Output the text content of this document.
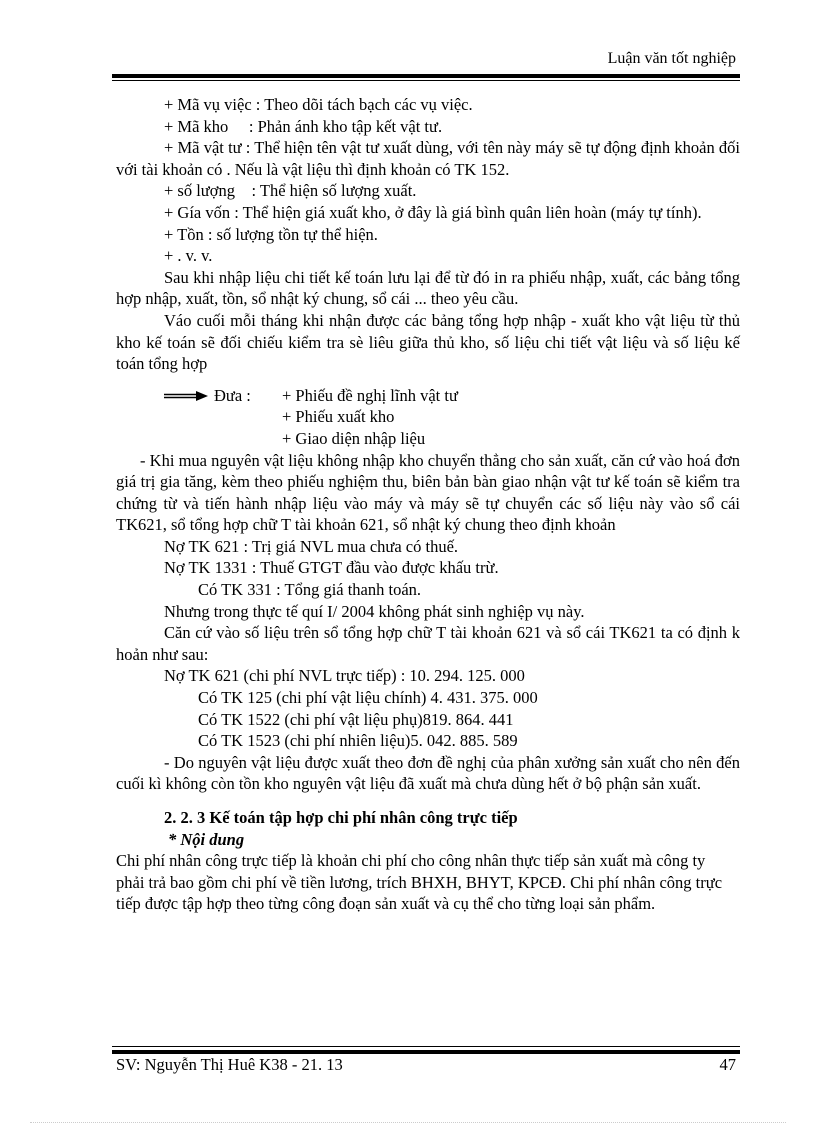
Luận văn tốt nghiệp

+ Mã vụ việc : Theo dõi tách bạch các vụ việc.

+ Mã kho     : Phản ánh kho tập kết vật tư.

+ Mã vật tư : Thể hiện tên vật tư xuất dùng, với tên này máy sẽ tự động định khoản đối với tài khoản có . Nếu là vật liệu thì định khoản có TK 152.

+ số lượng    : Thể hiện số lượng xuất.

+ Gía vốn : Thể hiện giá xuất kho, ở đây là giá bình quân liên hoàn (máy tự tính).

+ Tồn : số lượng tồn tự thể hiện.

+ . v. v.

Sau khi nhập liệu chi tiết kế toán lưu lại để từ đó in ra phiếu nhập, xuất, các bảng tổng hợp nhập, xuất, tồn, sổ nhật ký chung, sổ cái ... theo yêu cầu.

Váo cuối mỗi tháng khi nhận được các bảng tổng hợp nhập - xuất kho vật liệu từ thủ kho kế toán sẽ đối chiếu kiểm tra sè liêu giữa thủ kho, số liệu chi tiết vật liệu và số liệu kế toán tổng hợp

Đưa :	+ Phiếu đề nghị lĩnh vật tư

+ Phiếu xuất kho

+ Giao diện nhập liệu

- Khi mua nguyên vật liệu không nhập kho chuyển thẳng cho sản xuất, căn cứ vào hoá đơn giá trị gia tăng, kèm theo phiếu nghiệm thu, biên bản bàn giao nhận vật tư kế toán sẽ kiểm tra chứng từ và tiến hành nhập liệu vào máy và máy sẽ tự chuyển các số liệu này vào sổ cái TK621, sổ tổng hợp chữ T tài khoản 621, sổ nhật ký chung theo định khoản

Nợ TK 621 : Trị giá NVL mua chưa có thuế.

Nợ TK 1331 : Thuế GTGT đầu vào được khấu trừ.

Có TK 331 : Tổng giá thanh toán.

Nhưng trong thực tế quí I/ 2004 không phát sinh nghiệp vụ này.

Căn cứ vào số liệu trên sổ tổng hợp chữ T tài khoản 621 và sổ cái TK621 ta có định k hoản như sau:

Nợ TK 621 (chi phí NVL trực tiếp) : 10. 294. 125. 000

Có TK 125 (chi phí vật liệu chính) 4. 431. 375. 000

Có TK 1522 (chi phí vật liệu phụ)819. 864. 441

Có TK 1523 (chi phí nhiên liệu)5. 042. 885. 589

- Do nguyên vật liệu được xuất theo đơn đề nghị của phân xưởng sản xuất cho nên đến cuối kì không còn tồn kho nguyên vật liệu đã xuất mà chưa dùng hết ở bộ phận sản xuất.

2. 2. 3 Kế toán tập hợp chi phí nhân công trực tiếp

* Nội dung

Chi phí nhân công trực tiếp là khoản chi phí cho công nhân thực tiếp sản xuất mà công ty phải trả bao gồm chi phí về tiền lương, trích BHXH, BHYT, KPCĐ. Chi phí nhân công trực tiếp được tập hợp theo từng công đoạn sản xuất và cụ thể cho từng loại sản phẩm.

SV: Nguyễn Thị Huê K38 - 21. 13	47
